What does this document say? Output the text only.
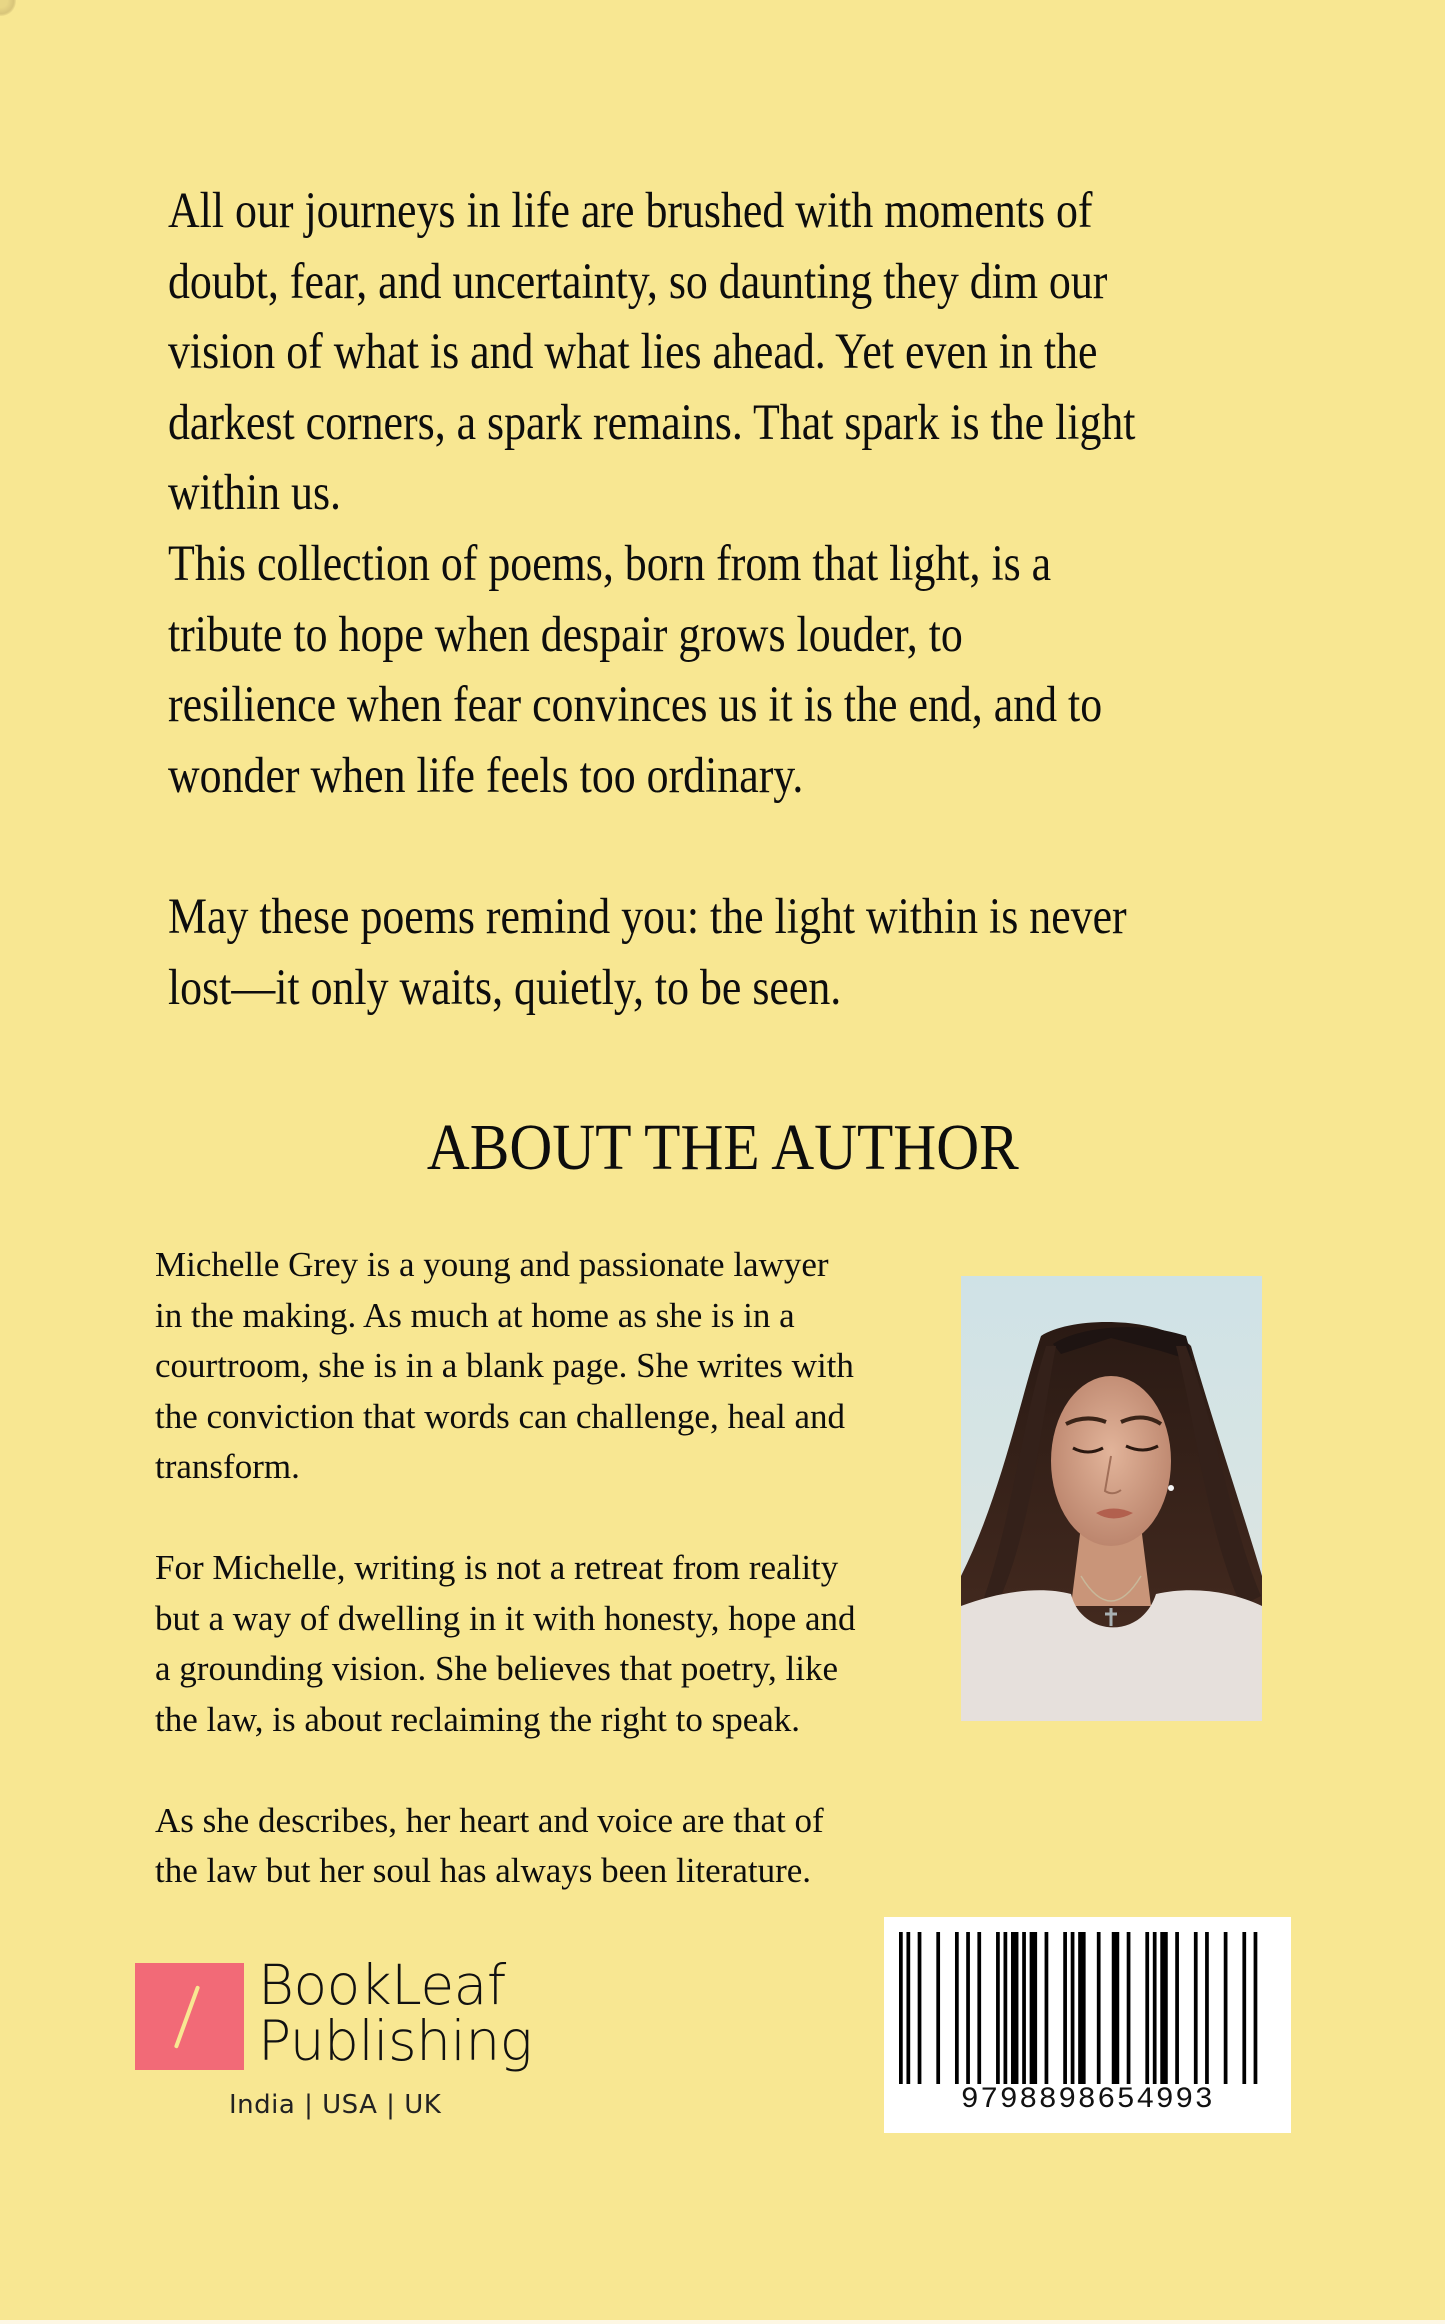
All our journeys in life are brushed with moments of

doubt, fear, and uncertainty, so daunting they dim our

vision of what is and what lies ahead. Yet even in the

darkest corners, a spark remains. That spark is the light

within us.

This collection of poems, born from that light, is a

tribute to hope when despair grows louder, to

resilience when fear convinces us it is the end, and to

wonder when life feels too ordinary.

May these poems remind you: the light within is never

lost—it only waits, quietly, to be seen.

ABOUT THE AUTHOR

Michelle Grey is a young and passionate lawyer

in the making. As much at home as she is in a

courtroom, she is in a blank page. She writes with

the conviction that words can challenge, heal and

transform.

For Michelle, writing is not a retreat from reality

but a way of dwelling in it with honesty, hope and

a grounding vision. She believes that poetry, like

the law, is about reclaiming the right to speak.

As she describes, her heart and voice are that of

the law but her soul has always been literature.

BookLeaf
Publishing
India | USA | UK	9798898654993
